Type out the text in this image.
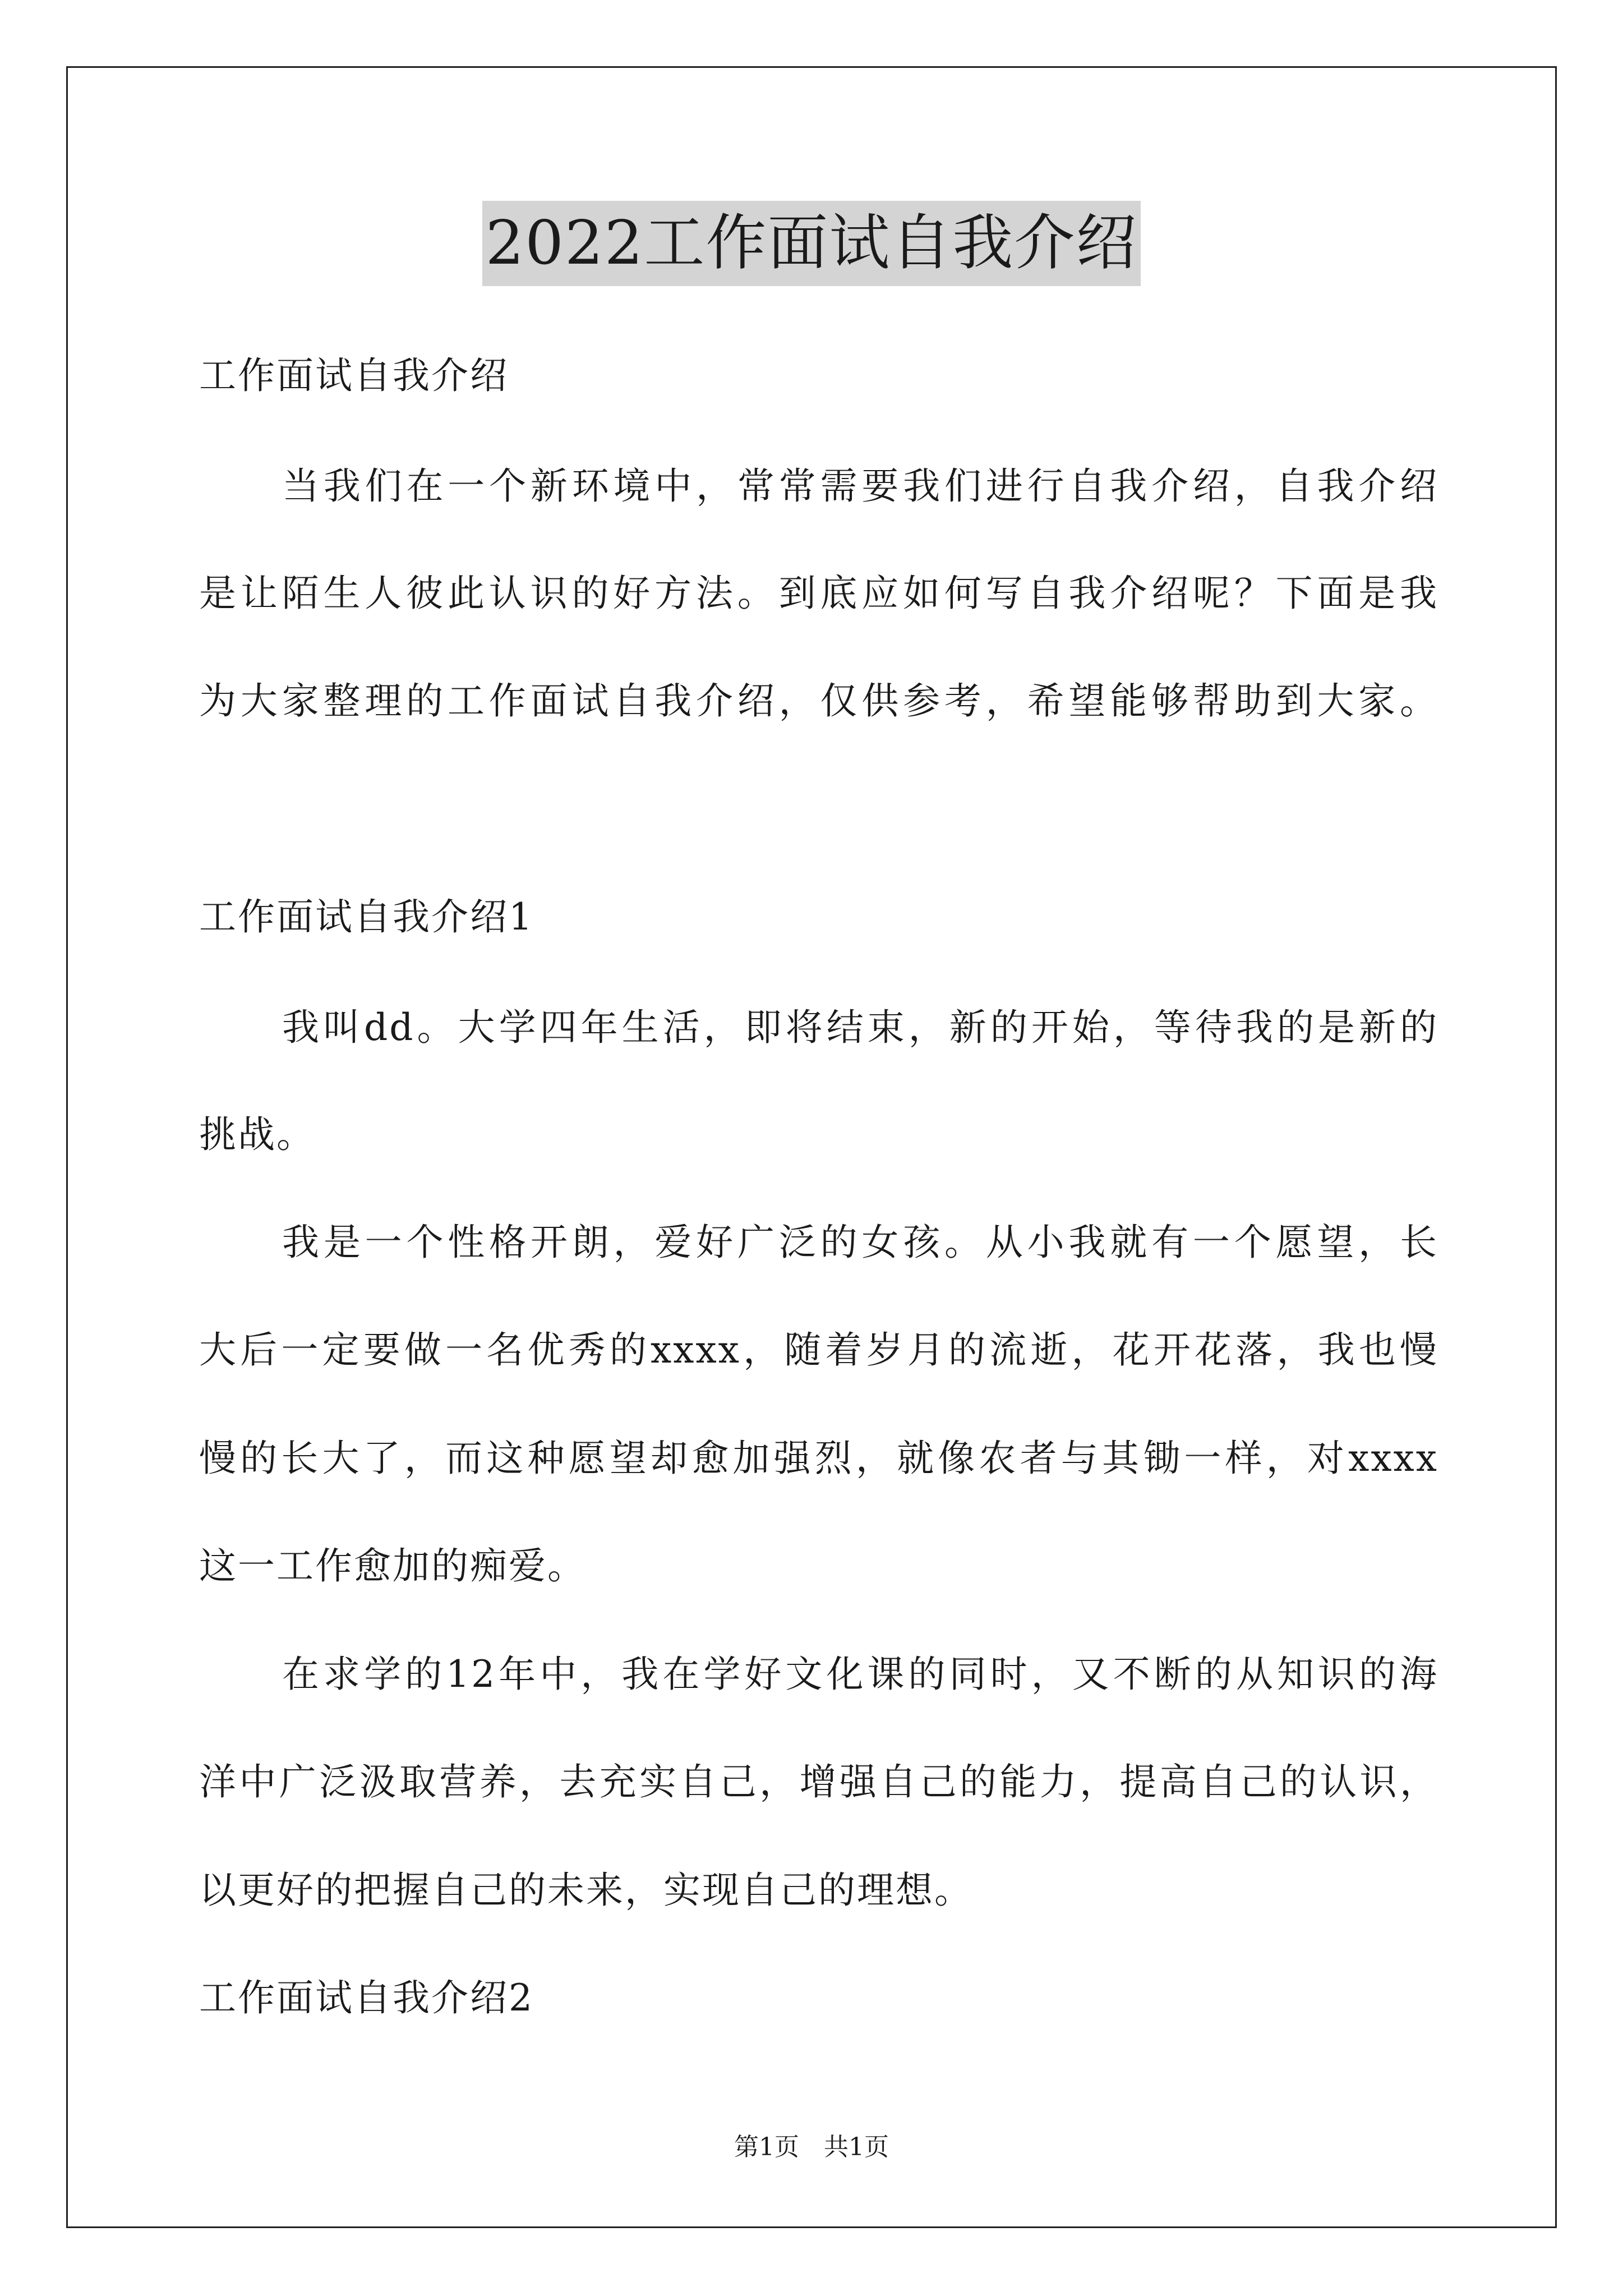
2022工作面试自我介绍
工作面试自我介绍
当我们在一个新环境中，常常需要我们进行自我介绍，自我介绍
是让陌生人彼此认识的好方法。到底应如何写自我介绍呢？下面是我
为大家整理的工作面试自我介绍，仅供参考，希望能够帮助到大家。
工作面试自我介绍1
我叫dd。大学四年生活，即将结束，新的开始，等待我的是新的
挑战。
我是一个性格开朗，爱好广泛的女孩。从小我就有一个愿望，长
大后一定要做一名优秀的xxxx，随着岁月的流逝，花开花落，我也慢
慢的长大了，而这种愿望却愈加强烈，就像农者与其锄一样，对xxxx
这一工作愈加的痴爱。
在求学的12年中，我在学好文化课的同时，又不断的从知识的海
洋中广泛汲取营养，去充实自己，增强自己的能力，提高自己的认识，
以更好的把握自己的未来，实现自己的理想。
工作面试自我介绍2
第1页 共1页
